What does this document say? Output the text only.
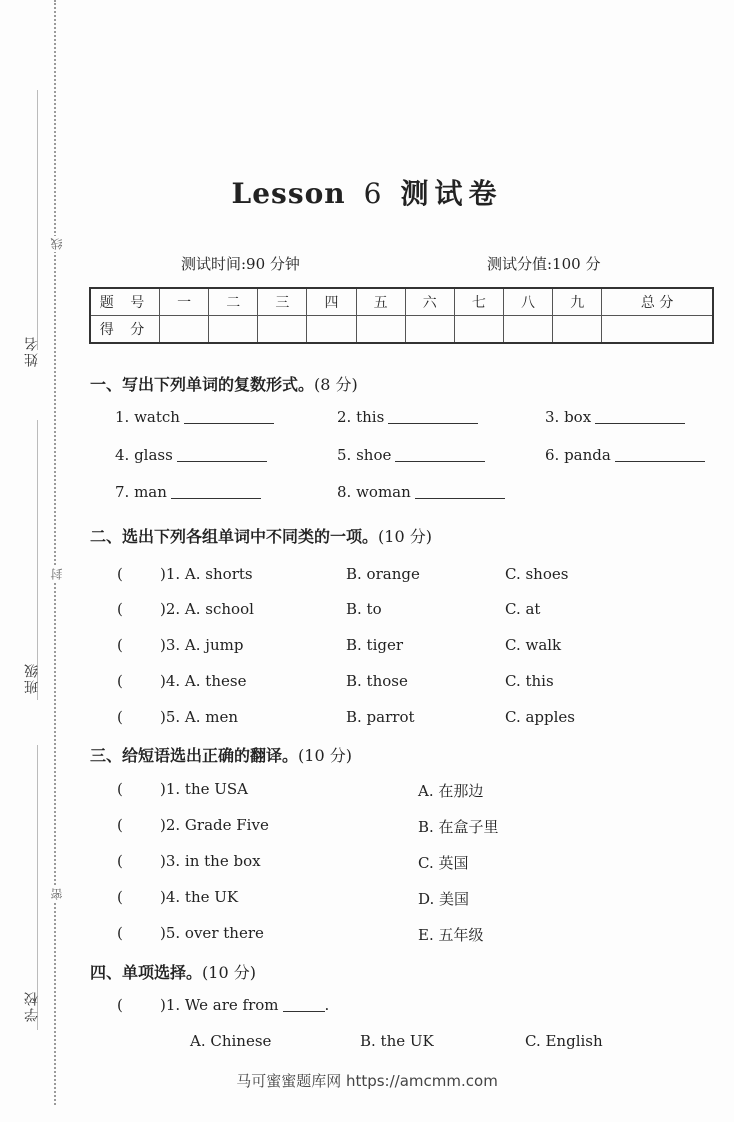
姓名
班级
学校
线
封
密
Lesson 6 测试卷
测试时间:90 分钟	测试分值:100 分
题 号	一	二	三	四	五	六	七	八	九	总 分
得 分										
一、写出下列单词的复数形式。(8 分)
1. watch	2. this	3. box
4. glass	5. shoe	6. panda
7. man	8. woman
二、选出下列各组单词中不同类的一项。(10 分)
( )1. A. shorts	B. orange	C. shoes
( )2. A. school	B. to	C. at
( )3. A. jump	B. tiger	C. walk
( )4. A. these	B. those	C. this
( )5. A. men	B. parrot	C. apples
三、给短语选出正确的翻译。(10 分)
( )1. the USA	A. 在那边
( )2. Grade Five	B. 在盒子里
( )3. in the box	C. 英国
( )4. the UK	D. 美国
( )5. over there	E. 五年级
四、单项选择。(10 分)
( )1. We are from	.
A. Chinese	B. the UK	C. English
马可蜜蜜题库网 https://amcmm.com
